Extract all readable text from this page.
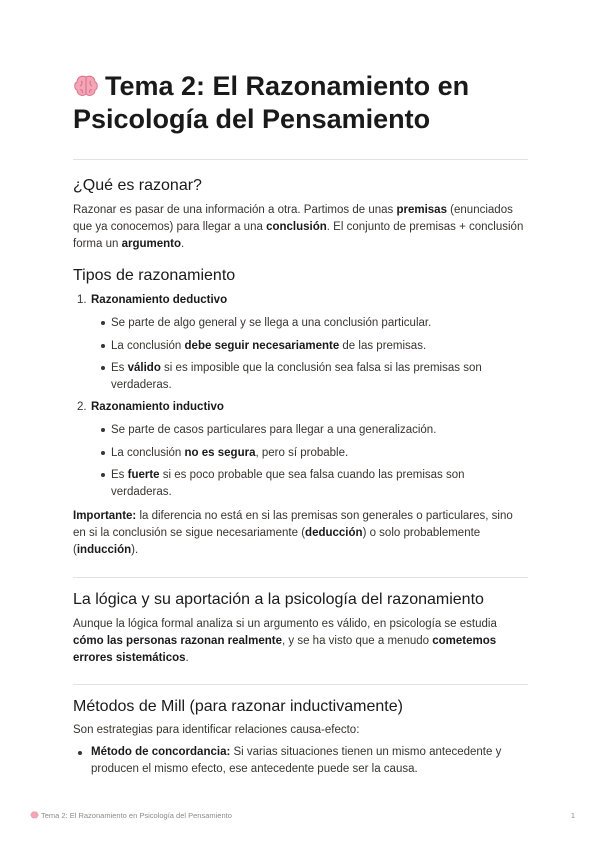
Tema 2: El Razonamiento en Psicología del Pensamiento
¿Qué es razonar?

Razonar es pasar de una información a otra. Partimos de unas premisas (enunciados que ya conocemos) para llegar a una conclusión. El conjunto de premisas + conclusión forma un argumento.

Tipos de razonamiento
1. Razonamiento deductivo
Se parte de algo general y se llega a una conclusión particular.
La conclusión debe seguir necesariamente de las premisas.
Es válido si es imposible que la conclusión sea falsa si las premisas son verdaderas.
2. Razonamiento inductivo
Se parte de casos particulares para llegar a una generalización.
La conclusión no es segura, pero sí probable.
Es fuerte si es poco probable que sea falsa cuando las premisas son verdaderas.

Importante: la diferencia no está en si las premisas son generales o particulares, sino en si la conclusión se sigue necesariamente (deducción) o solo probablemente (inducción).

La lógica y su aportación a la psicología del razonamiento

Aunque la lógica formal analiza si un argumento es válido, en psicología se estudia cómo las personas razonan realmente, y se ha visto que a menudo cometemos errores sistemáticos.

Métodos de Mill (para razonar inductivamente)

Son estrategias para identificar relaciones causa-efecto:

Método de concordancia: Si varias situaciones tienen un mismo antecedente y producen el mismo efecto, ese antecedente puede ser la causa.
Tema 2: El Razonamiento en Psicología del Pensamiento	1
